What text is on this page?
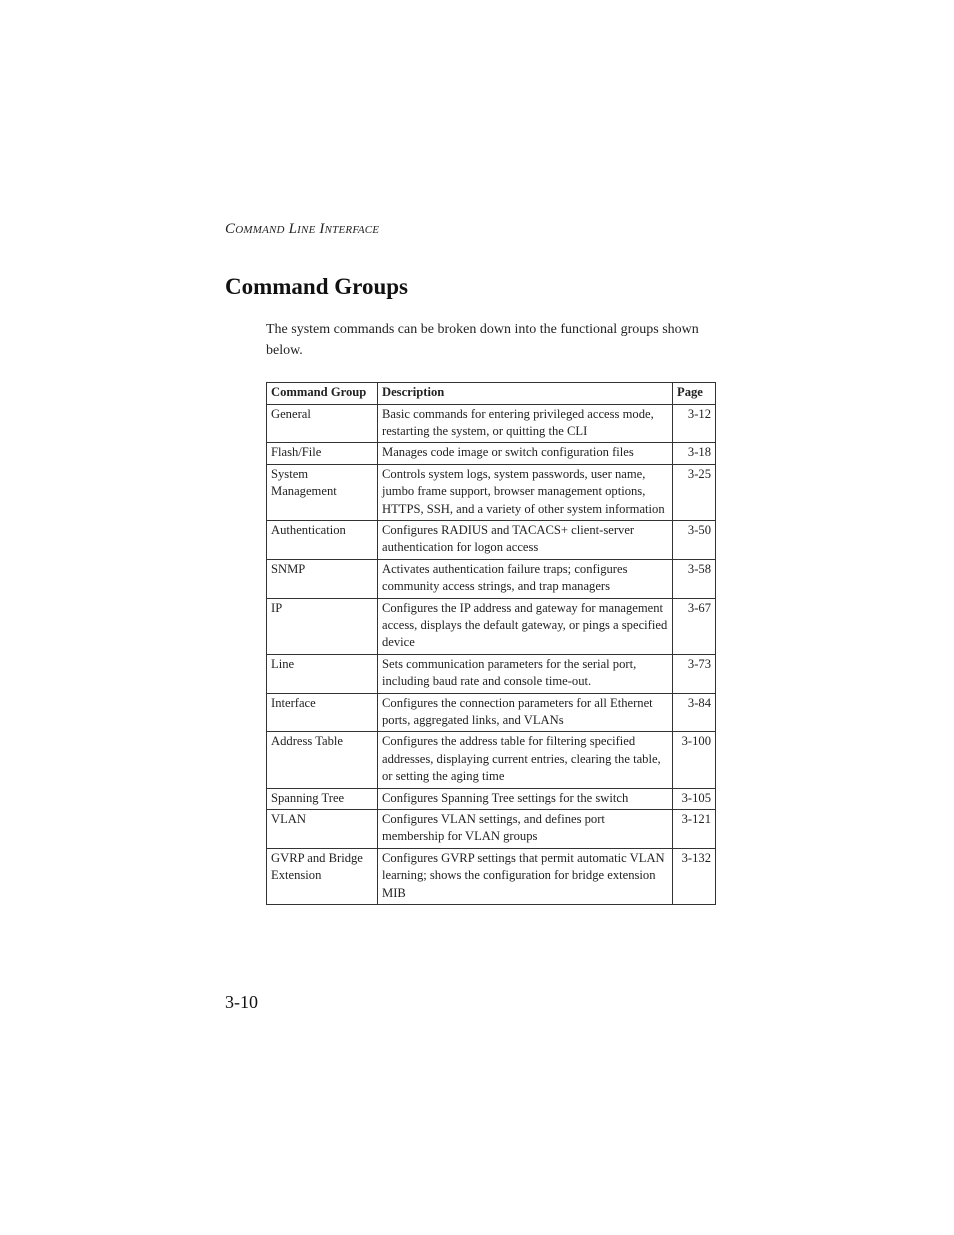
Command Line Interface
Command Groups

The system commands can be broken down into the functional groups shown below.

Command Group	Description	Page
General	Basic commands for entering privileged access mode, restarting the system, or quitting the CLI	3-12
Flash/File	Manages code image or switch configuration files	3-18
System Management	Controls system logs, system passwords, user name, jumbo frame support, browser management options, HTTPS, SSH, and a variety of other system information	3-25
Authentication	Configures RADIUS and TACACS+ client-server authentication for logon access	3-50
SNMP	Activates authentication failure traps; configures community access strings, and trap managers	3-58
IP	Configures the IP address and gateway for management access, displays the default gateway, or pings a specified device	3-67
Line	Sets communication parameters for the serial port, including baud rate and console time-out.	3-73
Interface	Configures the connection parameters for all Ethernet ports, aggregated links, and VLANs	3-84
Address Table	Configures the address table for filtering specified addresses, displaying current entries, clearing the table, or setting the aging time	3-100
Spanning Tree	Configures Spanning Tree settings for the switch	3-105
VLAN	Configures VLAN settings, and defines port membership for VLAN groups	3-121
GVRP and Bridge Extension	Configures GVRP settings that permit automatic VLAN learning; shows the configuration for bridge extension MIB	3-132
3-10
